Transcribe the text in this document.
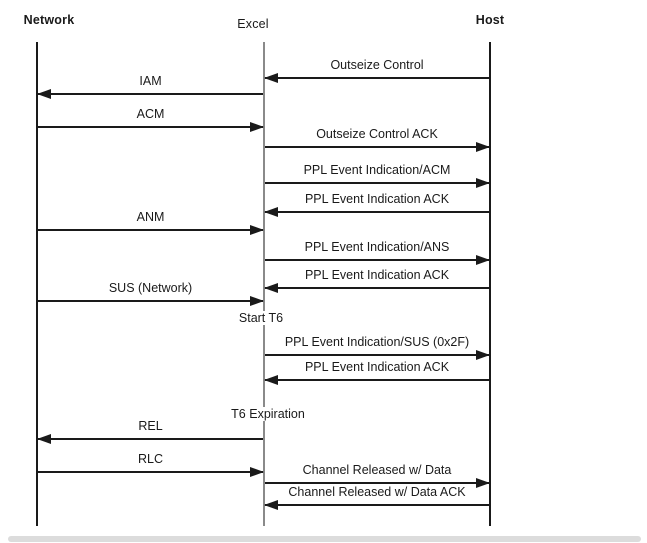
Network	Excel	Host
Outseize Control
IAM
ACM
Outseize Control ACK
PPL Event Indication/ACM
PPL Event Indication ACK
ANM
PPL Event Indication/ANS
PPL Event Indication ACK
SUS (Network)
PPL Event Indication/SUS (0x2F)
PPL Event Indication ACK
REL
RLC
Channel Released w/ Data
Channel Released w/ Data ACK
Start T6
T6 Expiration
